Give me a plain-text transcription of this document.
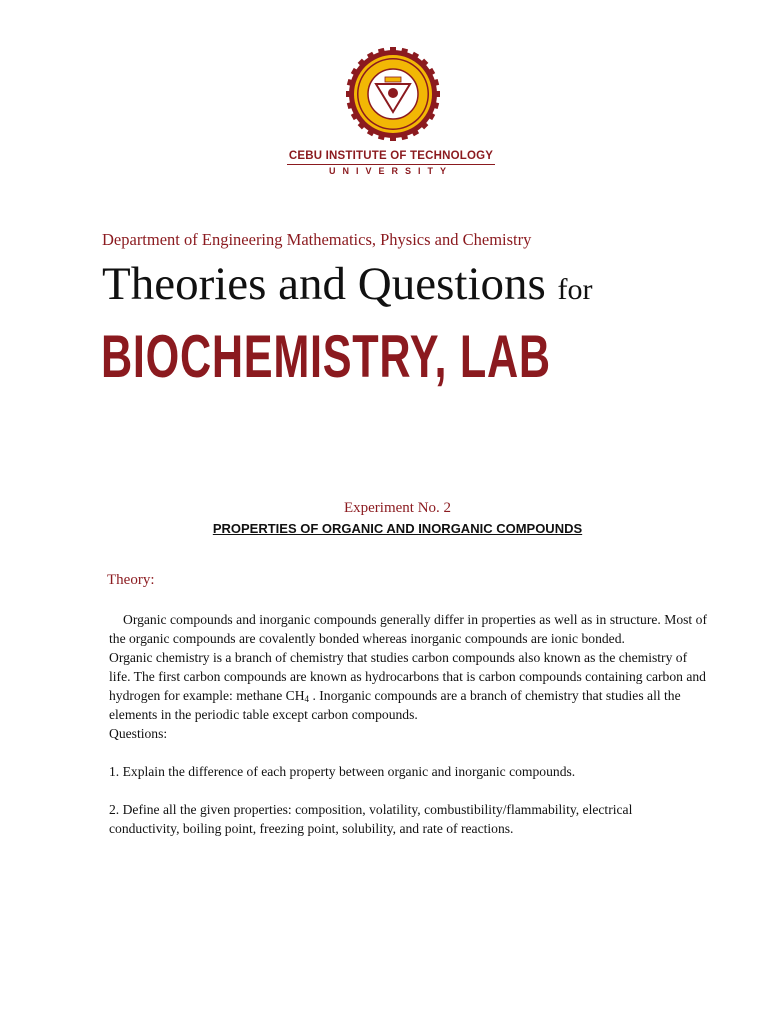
CEBU INSTITUTE OF TECHNOLOGY
UNIVERSITY
Department of Engineering Mathematics, Physics and Chemistry
Theories and Questions for
BIOCHEMISTRY, LAB
Experiment No. 2
PROPERTIES OF ORGANIC AND INORGANIC COMPOUNDS
Theory:

Organic compounds and inorganic compounds generally differ in properties as well as in structure. Most of the organic compounds are covalently bonded whereas inorganic compounds are ionic bonded.

Organic chemistry is a branch of chemistry that studies carbon compounds also known as the chemistry of life. The first carbon compounds are known as hydrocarbons that is carbon compounds containing carbon and hydrogen for example: methane $CH_4$ . Inorganic compounds are a branch of chemistry that studies all the elements in the periodic table except carbon compounds.

Questions:

1. Explain the difference of each property between organic and inorganic compounds.

2. Define all the given properties: composition, volatility, combustibility/flammability, electrical conductivity, boiling point, freezing point, solubility, and rate of reactions.
